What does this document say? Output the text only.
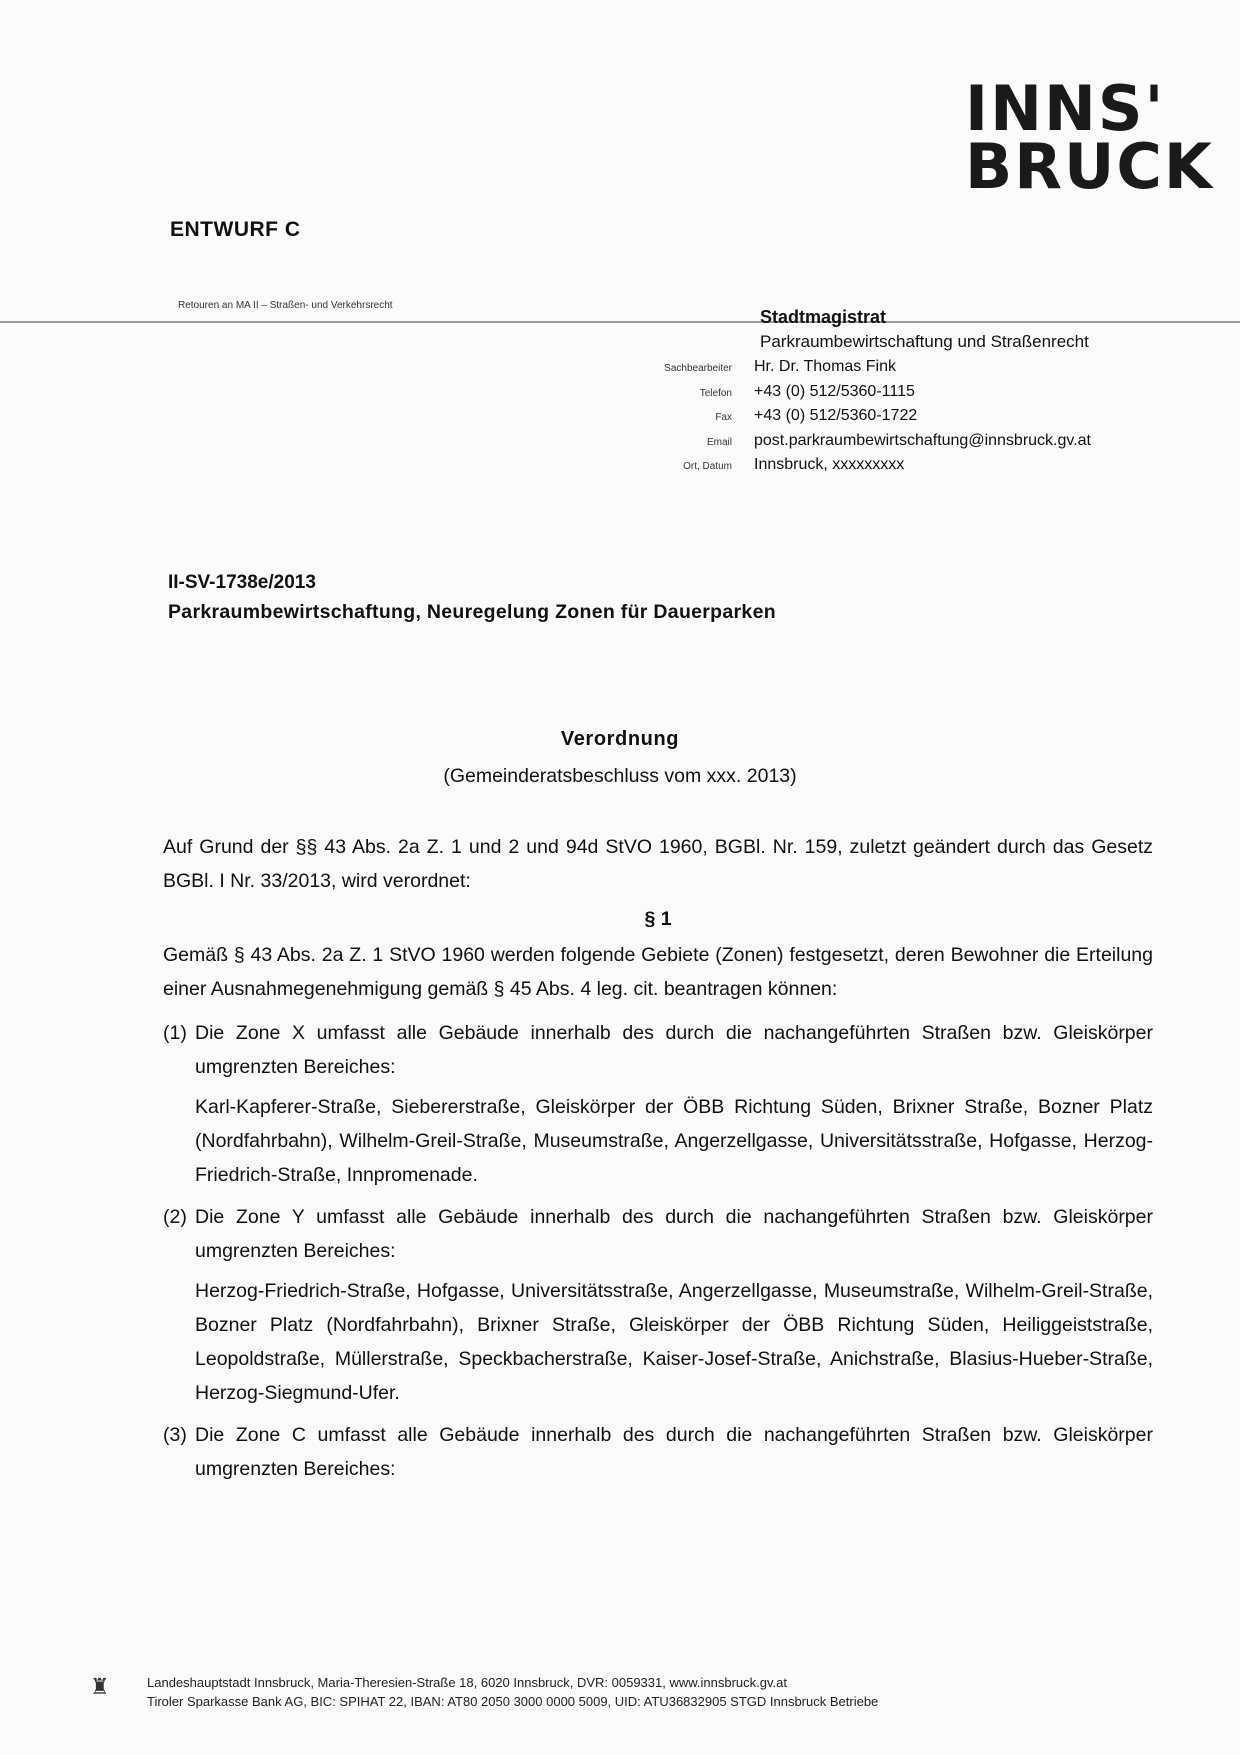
INNS'
BRUCK
ENTWURF C
Retouren an MA II – Straßen- und Verkehrsrecht
Stadtmagistrat
Parkraumbewirtschaftung und Straßenrecht
Sachbearbeiter	Hr. Dr. Thomas Fink
Telefon	+43 (0) 512/5360-1115
Fax	+43 (0) 512/5360-1722
Email	post.parkraumbewirtschaftung@innsbruck.gv.at
Ort, Datum	Innsbruck, xxxxxxxxx
II-SV-1738e/2013
Parkraumbewirtschaftung, Neuregelung Zonen für Dauerparken
Verordnung
(Gemeinderatsbeschluss vom xxx. 2013)

Auf Grund der §§ 43 Abs. 2a Z. 1 und 2 und 94d StVO 1960, BGBl. Nr. 159, zuletzt geändert durch das Gesetz BGBl. I Nr. 33/2013, wird verordnet:

§ 1

Gemäß § 43 Abs. 2a Z. 1 StVO 1960 werden folgende Gebiete (Zonen) festgesetzt, deren Bewohner die Erteilung einer Ausnahmegenehmigung gemäß § 45 Abs. 4 leg. cit. beantragen können:

(1) Die Zone X umfasst alle Gebäude innerhalb des durch die nachangeführten Straßen bzw. Gleiskörper umgrenzten Bereiches:

Karl-Kapferer-Straße, Siebererstraße, Gleiskörper der ÖBB Richtung Süden, Brixner Straße, Bozner Platz (Nordfahrbahn), Wilhelm-Greil-Straße, Museumstraße, Angerzellgasse, Universitätsstraße, Hofgasse, Herzog-Friedrich-Straße, Innpromenade.

(2) Die Zone Y umfasst alle Gebäude innerhalb des durch die nachangeführten Straßen bzw. Gleiskörper umgrenzten Bereiches:

Herzog-Friedrich-Straße, Hofgasse, Universitätsstraße, Angerzellgasse, Museumstraße, Wilhelm-Greil-Straße, Bozner Platz (Nordfahrbahn), Brixner Straße, Gleiskörper der ÖBB Richtung Süden, Heiliggeiststraße, Leopoldstraße, Müllerstraße, Speckbacherstraße, Kaiser-Josef-Straße, Anichstraße, Blasius-Hueber-Straße, Herzog-Siegmund-Ufer.

(3) Die Zone C umfasst alle Gebäude innerhalb des durch die nachangeführten Straßen bzw. Gleiskörper umgrenzten Bereiches:

♜	Landeshauptstadt Innsbruck, Maria-Theresien-Straße 18, 6020 Innsbruck, DVR: 0059331, www.innsbruck.gv.at
Tiroler Sparkasse Bank AG, BIC: SPIHAT 22, IBAN: AT80 2050 3000 0000 5009, UID: ATU36832905 STGD Innsbruck Betriebe
